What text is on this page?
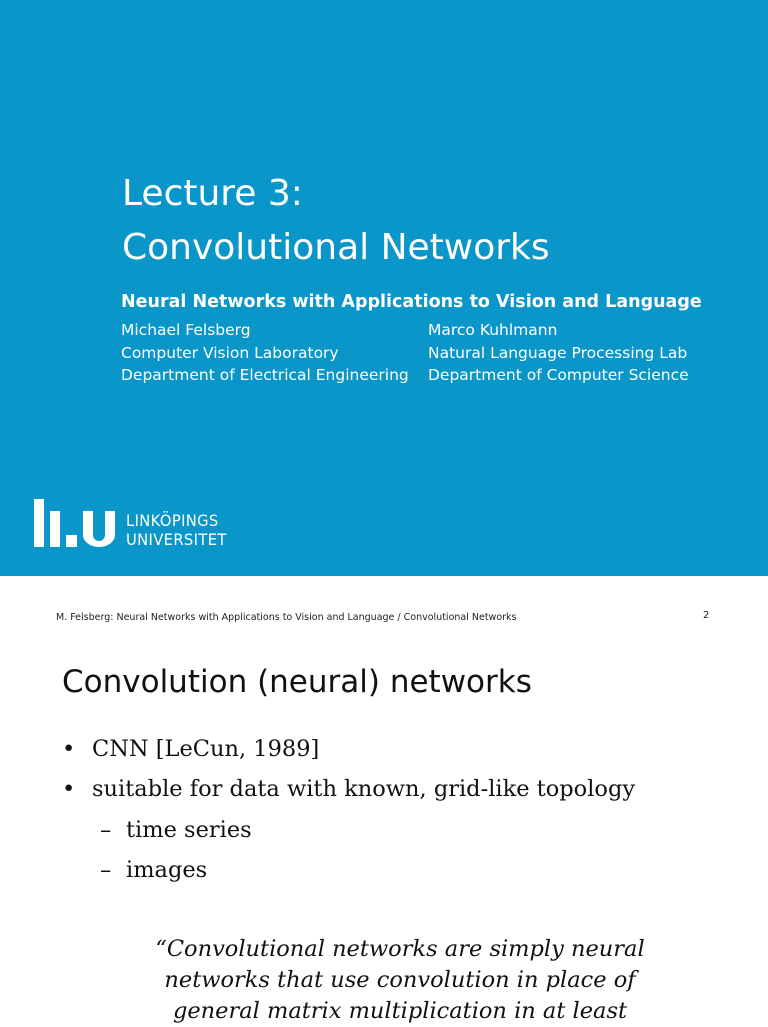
Lecture 3:
Convolutional Networks
Neural Networks with Applications to Vision and Language
Michael Felsberg
Computer Vision Laboratory
Department of Electrical Engineering
Marco Kuhlmann
Natural Language Processing Lab
Department of Computer Science
LINKÖPINGS
UNIVERSITET
M. Felsberg: Neural Networks with Applications to Vision and Language / Convolutional Networks	2
Convolution (neural) networks
• CNN [LeCun, 1989]
• suitable for data with known, grid-like topology
– time series
– images
“Convolutional networks are simply neural
networks that use convolution in place of
general matrix multiplication in at least
